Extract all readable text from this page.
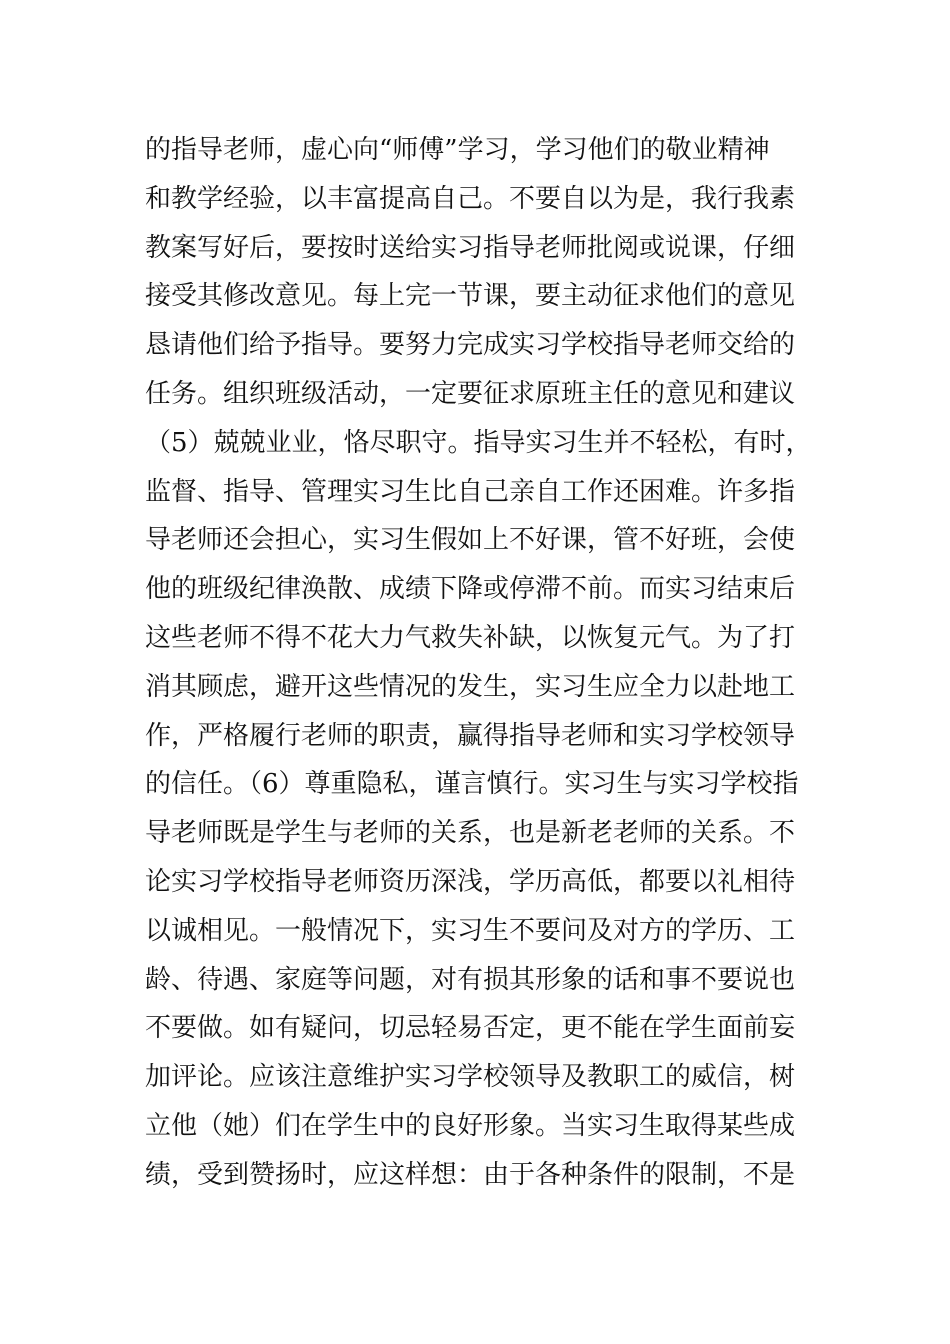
的指导老师，虚心向“师傅”学习，学习他们的敬业精神
和教学经验，以丰富提高自己。不要自以为是，我行我素
教案写好后，要按时送给实习指导老师批阅或说课，仔细
接受其修改意见。每上完一节课，要主动征求他们的意见
恳请他们给予指导。要努力完成实习学校指导老师交给的
任务。组织班级活动，一定要征求原班主任的意见和建议
（5）兢兢业业，恪尽职守。指导实习生并不轻松，有时，
监督、指导、管理实习生比自己亲自工作还困难。许多指
导老师还会担心，实习生假如上不好课，管不好班，会使
他的班级纪律涣散、成绩下降或停滞不前。而实习结束后
这些老师不得不花大力气救失补缺，以恢复元气。为了打
消其顾虑，避开这些情况的发生，实习生应全力以赴地工
作，严格履行老师的职责，赢得指导老师和实习学校领导
的信任。（6）尊重隐私，谨言慎行。实习生与实习学校指
导老师既是学生与老师的关系，也是新老老师的关系。不
论实习学校指导老师资历深浅，学历高低，都要以礼相待
以诚相见。一般情况下，实习生不要问及对方的学历、工
龄、待遇、家庭等问题，对有损其形象的话和事不要说也
不要做。如有疑问，切忌轻易否定，更不能在学生面前妄
加评论。应该注意维护实习学校领导及教职工的威信，树
立他（她）们在学生中的良好形象。当实习生取得某些成
绩，受到赞扬时，应这样想：由于各种条件的限制，不是
